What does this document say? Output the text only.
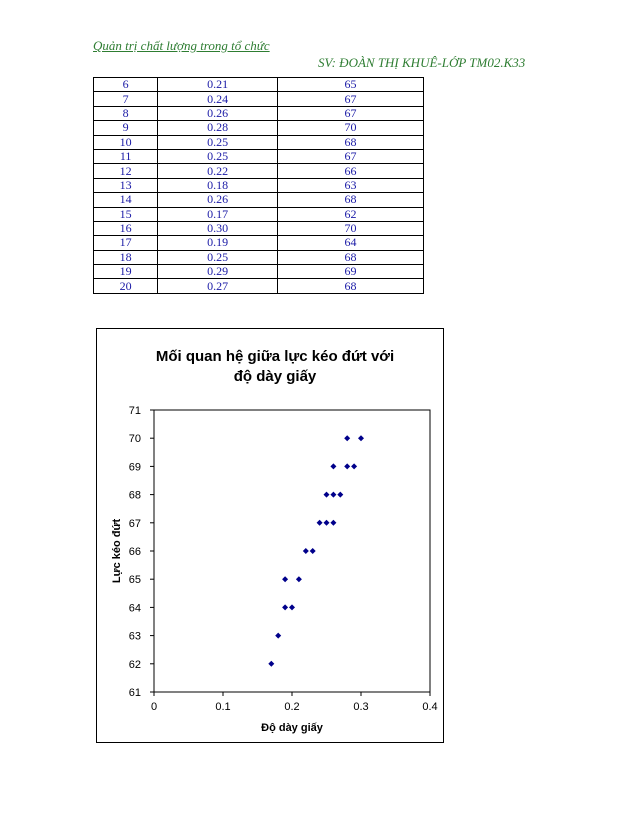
Quản trị chất lượng trong tổ chức
SV: ĐOÀN THỊ KHUÊ-LỚP TM02.K33
6	0.21	65
7	0.24	67
8	0.26	67
9	0.28	70
10	0.25	68
11	0.25	67
12	0.22	66
13	0.18	63
14	0.26	68
15	0.17	62
16	0.30	70
17	0.19	64
18	0.25	68
19	0.29	69
20	0.27	68
Mối quan hệ giữa lực kéo đứt với
độ dày giấy
61
62
63
64
65
66
67
68
69
70
71
0	0.1	0.2	0.3	0.4
Độ dày giấy
Lực kéo đứt
